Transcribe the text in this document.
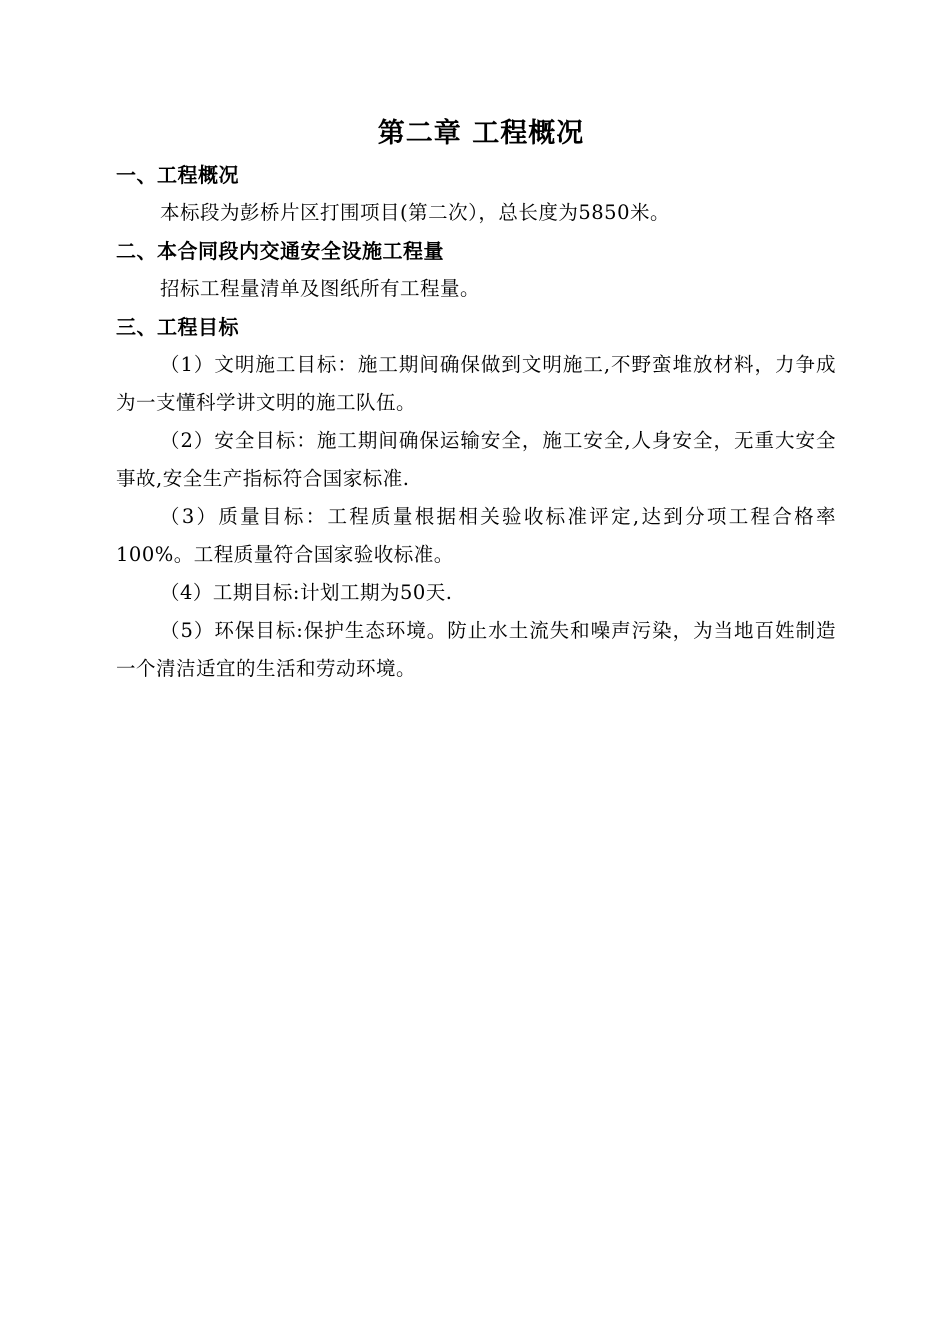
第二章 工程概况
一、工程概况

本标段为彭桥片区打围项目(第二次），总长度为5850米。

二、本合同段内交通安全设施工程量

招标工程量清单及图纸所有工程量。

三、工程目标

（1）文明施工目标：施工期间确保做到文明施工,不野蛮堆放材料，力争成为一支懂科学讲文明的施工队伍。

（2）安全目标：施工期间确保运输安全，施工安全,人身安全，无重大安全事故,安全生产指标符合国家标准.

（3）质量目标：工程质量根据相关验收标准评定,达到分项工程合格率100%。工程质量符合国家验收标准。

（4）工期目标:计划工期为50天.

（5）环保目标:保护生态环境。防止水土流失和噪声污染，为当地百姓制造一个清洁适宜的生活和劳动环境。
